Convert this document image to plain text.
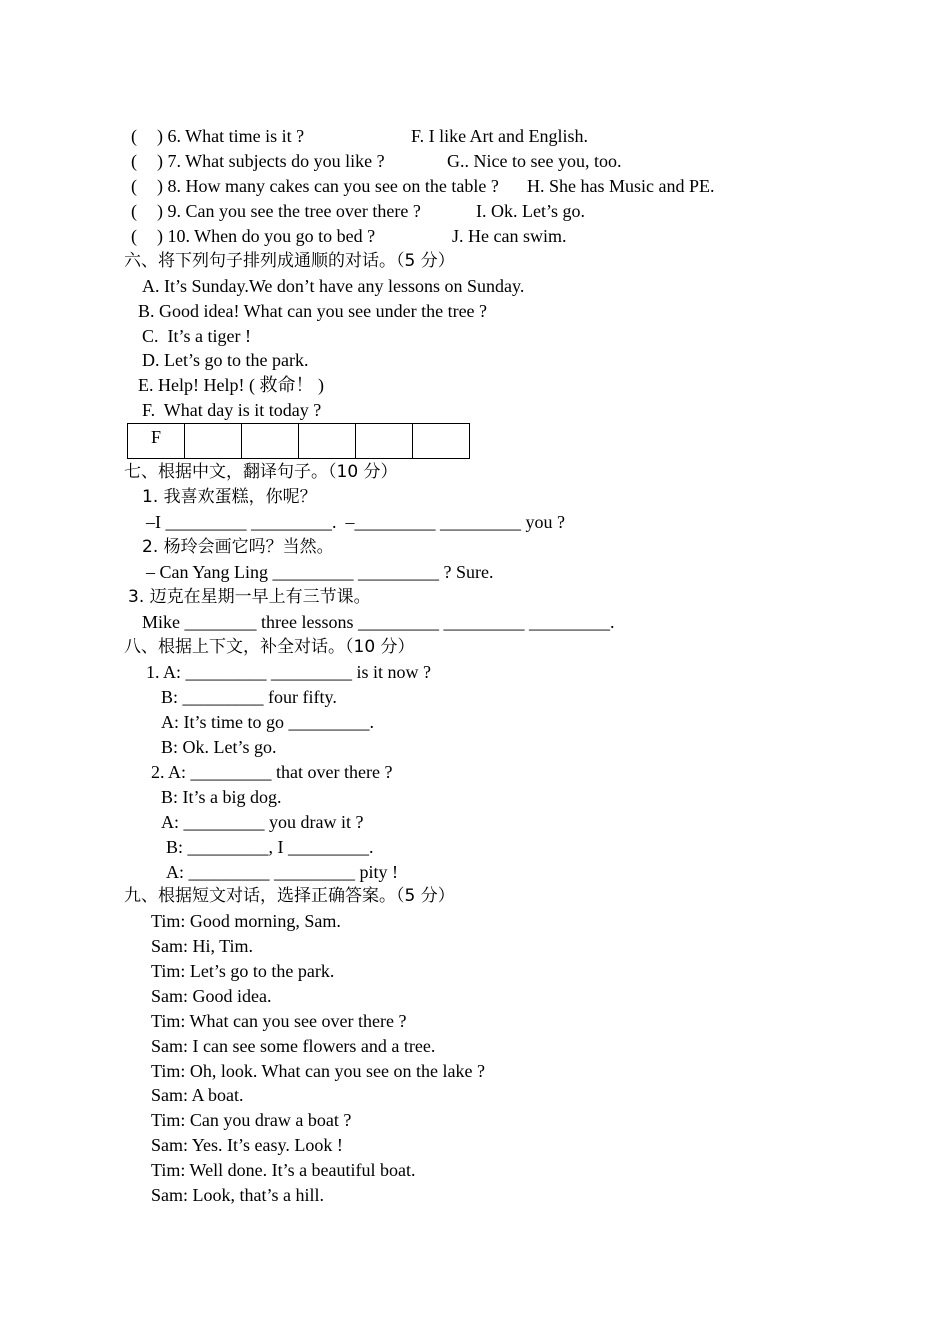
( ) 6. What time is it ?	F. I like Art and English.
( ) 7. What subjects do you like ?	G.. Nice to see you, too.
( ) 8. How many cakes can you see on the table ? H. She has Music and PE.
( ) 9. Can you see the tree over there ?	I. Ok. Let’s go.
( ) 10. When do you go to bed ?	J. He can swim.
六、将下列句子排列成通顺的对话。（5 分）
A. It’s Sunday.We don’t have any lessons on Sunday.
B. Good idea! What can you see under the tree ?
C.  It’s a tiger !
D. Let’s go to the park.
E. Help! Help! ( 救命！ )
F.  What day is it today ?
F					
七、根据中文，翻译句子。（10 分）
1. 我喜欢蛋糕，你呢？
–I _________ _________.  –_________ _________ you ?
2. 杨玲会画它吗？当然。
– Can Yang Ling _________ _________ ? Sure.
3. 迈克在星期一早上有三节课。
Mike ________ three lessons _________ _________ _________.
八、根据上下文，补全对话。（10 分）
1. A: _________ _________ is it now ?
B: _________ four fifty.
A: It’s time to go _________.
B: Ok. Let’s go.
2. A: _________ that over there ?
B: It’s a big dog.
A: _________ you draw it ?
B: _________, I _________.
A: _________ _________ pity !
九、根据短文对话，选择正确答案。（5 分）
Tim: Good morning, Sam.
Sam: Hi, Tim.
Tim: Let’s go to the park.
Sam: Good idea.
Tim: What can you see over there ?
Sam: I can see some flowers and a tree.
Tim: Oh, look. What can you see on the lake ?
Sam: A boat.
Tim: Can you draw a boat ?
Sam: Yes. It’s easy. Look !
Tim: Well done. It’s a beautiful boat.
Sam: Look, that’s a hill.
